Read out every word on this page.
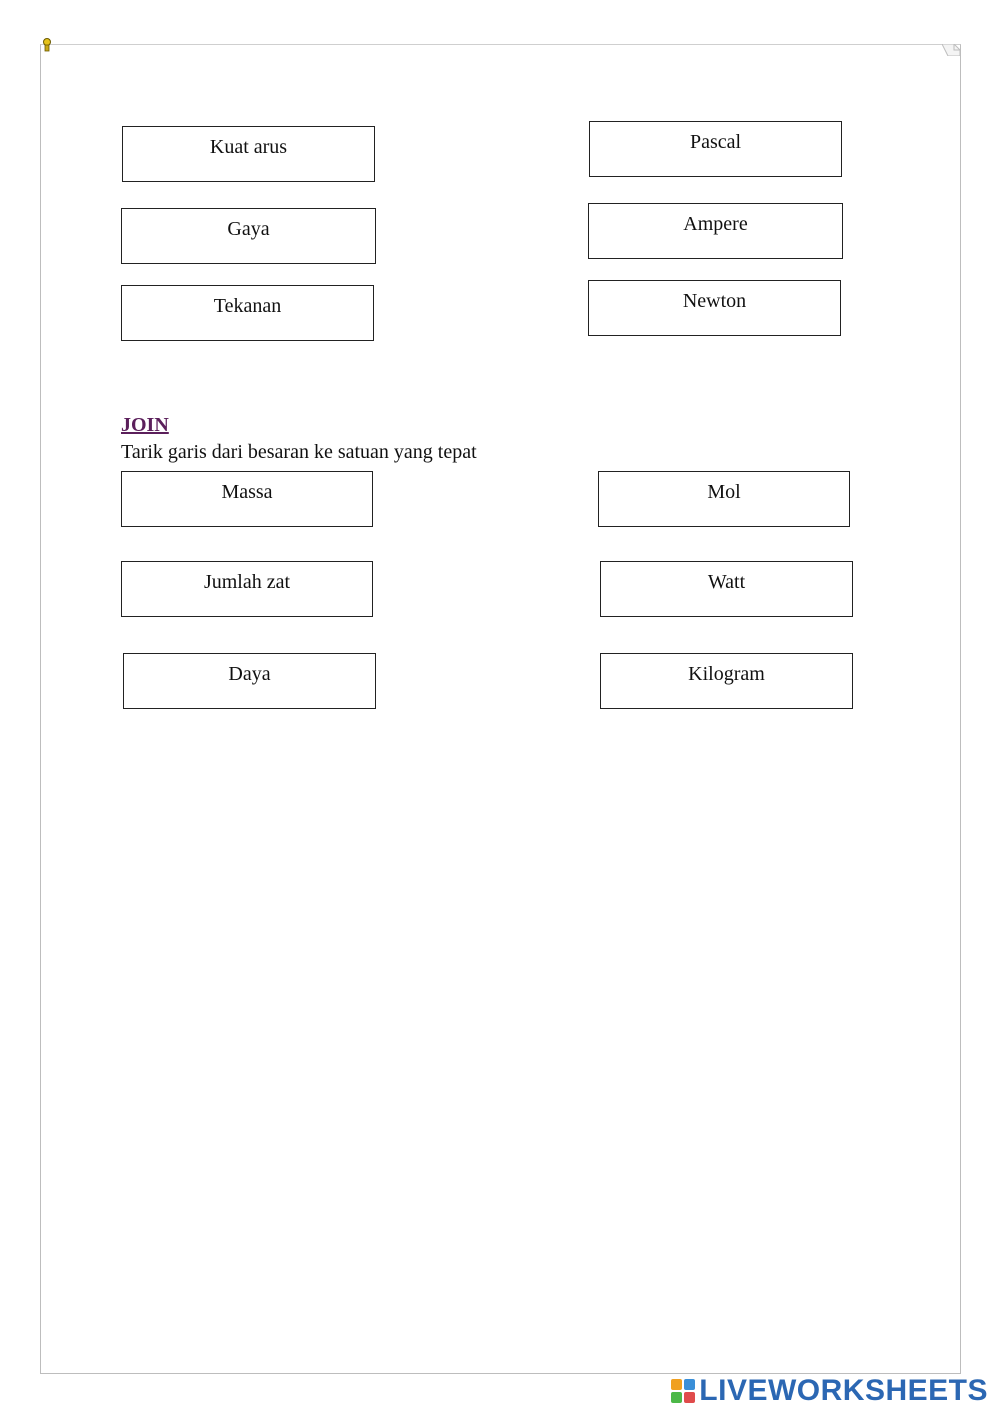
Kuat arus
Gaya
Tekanan
Pascal
Ampere
Newton
JOIN
Tarik garis dari besaran ke satuan yang tepat
Massa
Jumlah zat
Daya
Mol
Watt
Kilogram
LIVEWORKSHEETS
